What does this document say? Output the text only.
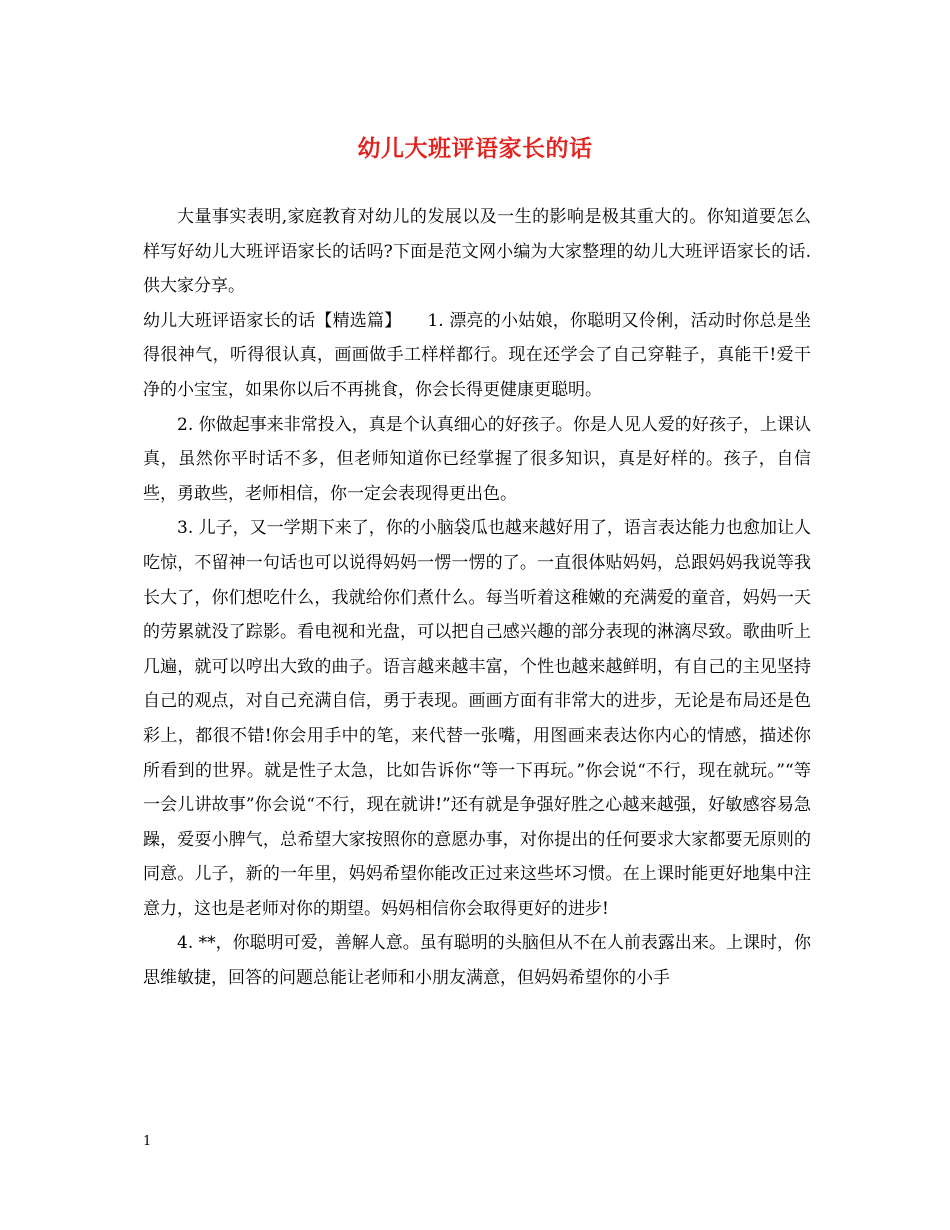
幼儿大班评语家长的话

大量事实表明,家庭教育对幼儿的发展以及一生的影响是极其重大的。你知道要怎么样写好幼儿大班评语家长的话吗?下面是范文网小编为大家整理的幼儿大班评语家长的话.供大家分享。

幼儿大班评语家长的话【精选篇】　　1. 漂亮的小姑娘，你聪明又伶俐，活动时你总是坐得很神气，听得很认真，画画做手工样样都行。现在还学会了自己穿鞋子，真能干!爱干净的小宝宝，如果你以后不再挑食，你会长得更健康更聪明。

2. 你做起事来非常投入，真是个认真细心的好孩子。你是人见人爱的好孩子，上课认真，虽然你平时话不多，但老师知道你已经掌握了很多知识，真是好样的。孩子，自信些，勇敢些，老师相信，你一定会表现得更出色。

3. 儿子，又一学期下来了，你的小脑袋瓜也越来越好用了，语言表达能力也愈加让人吃惊，不留神一句话也可以说得妈妈一愣一愣的了。一直很体贴妈妈，总跟妈妈我说等我长大了，你们想吃什么，我就给你们煮什么。每当听着这稚嫩的充满爱的童音，妈妈一天的劳累就没了踪影。看电视和光盘，可以把自己感兴趣的部分表现的淋漓尽致。歌曲听上几遍，就可以哼出大致的曲子。语言越来越丰富，个性也越来越鲜明，有自己的主见坚持自己的观点，对自己充满自信，勇于表现。画画方面有非常大的进步，无论是布局还是色彩上，都很不错!你会用手中的笔，来代替一张嘴，用图画来表达你内心的情感，描述你所看到的世界。就是性子太急，比如告诉你“等一下再玩。”你会说“不行，现在就玩。”“等一会儿讲故事”你会说“不行，现在就讲!”还有就是争强好胜之心越来越强，好敏感容易急躁，爱耍小脾气，总希望大家按照你的意愿办事，对你提出的任何要求大家都要无原则的同意。儿子，新的一年里，妈妈希望你能改正过来这些坏习惯。在上课时能更好地集中注意力，这也是老师对你的期望。妈妈相信你会取得更好的进步!

4. **，你聪明可爱，善解人意。虽有聪明的头脑但从不在人前表露出来。上课时，你思维敏捷，回答的问题总能让老师和小朋友满意，但妈妈希望你的小手

1
